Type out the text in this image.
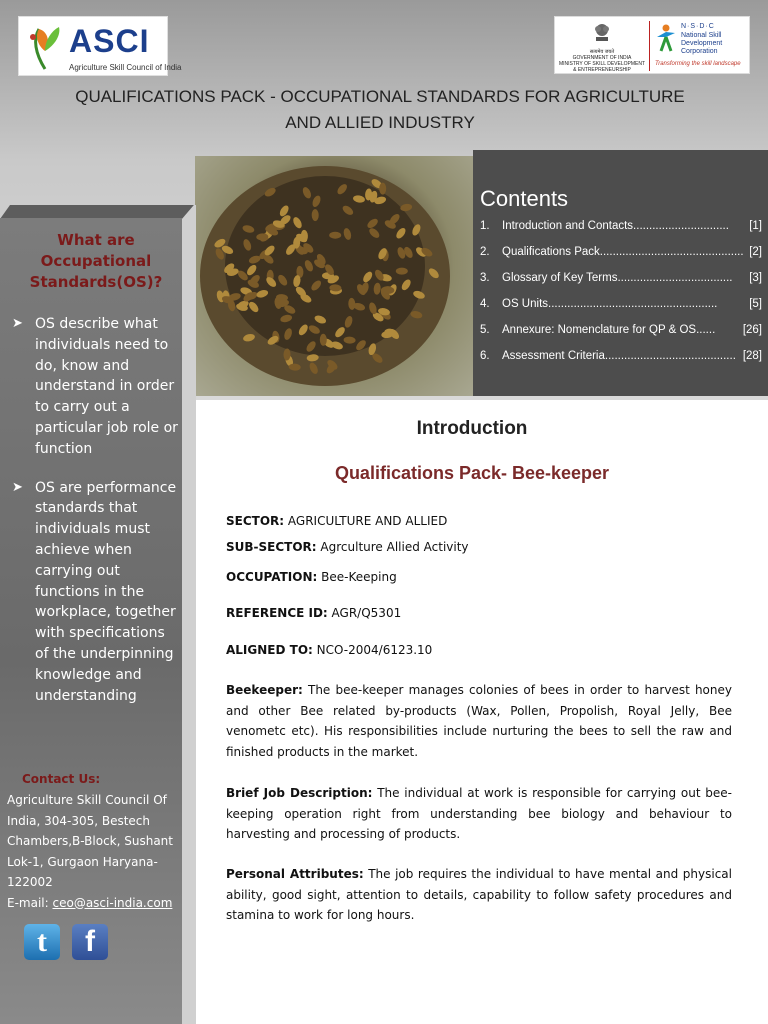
ASCI
Agriculture Skill Council of India
सत्यमेव जयते
GOVERNMENT OF INDIA
MINISTRY OF SKILL DEVELOPMENT
& ENTREPRENEURSHIP
N·S·D·C
National Skill Development Corporation
Transforming the skill landscape
QUALIFICATIONS PACK - OCCUPATIONAL STANDARDS FOR AGRICULTURE
AND ALLIED INDUSTRY
Contents
1.	Introduction and Contacts..............................	[1]
2.	Qualifications Pack............................................. [2]
3.	Glossary of Key Terms....................................	[3]
4.	OS Units.....................................................	[5]
5.	Annexure: Nomenclature for QP & OS......	[26]
6.	Assessment Criteria......................................... [28]
What are Occupational Standards(OS)?
➤ OS describe what individuals need to do, know and understand in order to carry out a particular job role or function
➤ OS are performance standards that individuals must achieve when carrying out functions in the workplace, together with specifications of the underpinning knowledge and understanding
Contact Us:
Agriculture Skill Council Of India, 304-305, Bestech Chambers,B-Block, Sushant Lok-1, Gurgaon Haryana-122002
E-mail: ceo@asci-india.com
t	f
Introduction
Qualifications Pack- Bee-keeper
SECTOR: AGRICULTURE AND ALLIED
SUB-SECTOR: Agrculture Allied Activity
OCCUPATION: Bee-Keeping
REFERENCE ID: AGR/Q5301
ALIGNED TO: NCO-2004/6123.10
Beekeeper: The bee-keeper manages colonies of bees in order to harvest honey and other Bee related by-products (Wax, Pollen, Propolish, Royal Jelly, Bee venometc etc). His responsibilities include nurturing the bees to sell the raw and finished products in the market.
Brief Job Description: The individual at work is responsible for carrying out bee-keeping operation right from understanding bee biology and behaviour to harvesting and processing of products.
Personal Attributes: The job requires the individual to have mental and physical ability, good sight, attention to details, capability to follow safety procedures and stamina to work for long hours.
